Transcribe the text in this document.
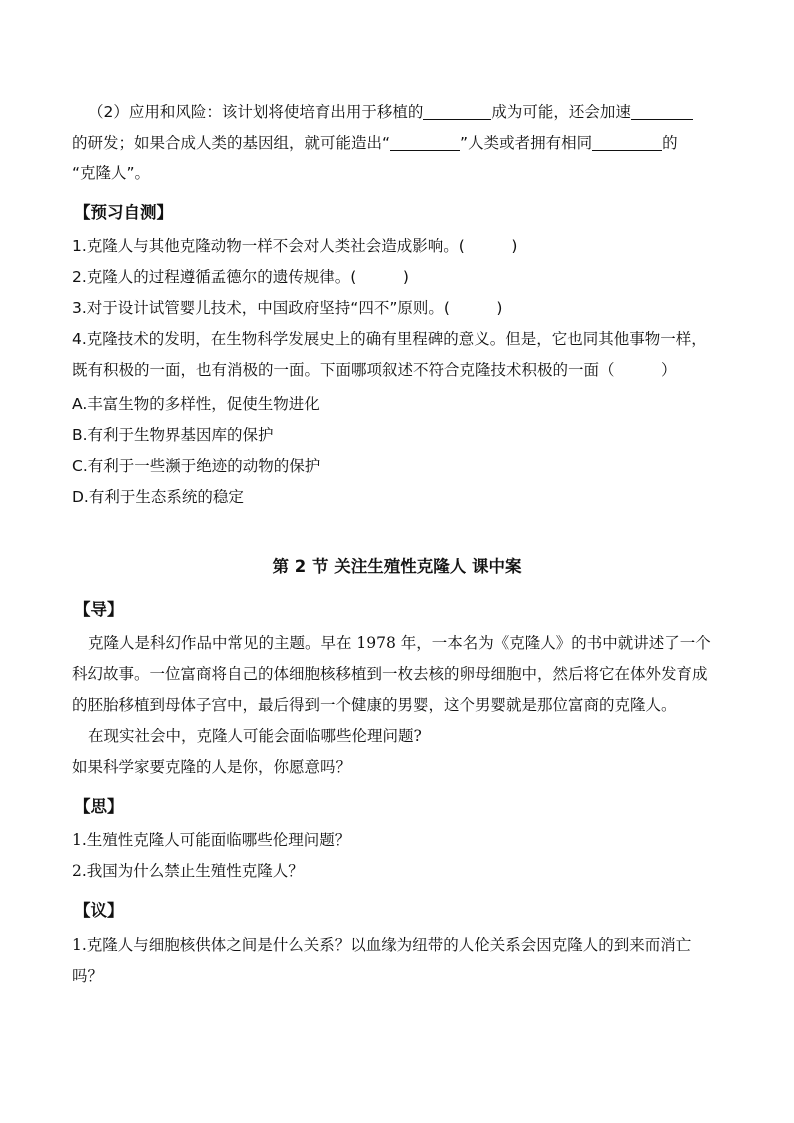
（2）应用和风险：该计划将使培育出用于移植的	成为可能，还会加速
的研发；如果合成人类的基因组，就可能造出“	”人类或者拥有相同	的
“克隆人”。
【预习自测】
1.克隆人与其他克隆动物一样不会对人类社会造成影响。(　　　)
2.克隆人的过程遵循孟德尔的遗传规律。(　　　)
3.对于设计试管婴儿技术，中国政府坚持“四不”原则。(　　　)
4.克隆技术的发明，在生物科学发展史上的确有里程碑的意义。但是，它也同其他事物一样，
既有积极的一面，也有消极的一面。下面哪项叙述不符合克隆技术积极的一面（　　　）
A.丰富生物的多样性，促使生物进化
B.有利于生物界基因库的保护
C.有利于一些濒于绝迹的动物的保护
D.有利于生态系统的稳定
第 2 节 关注生殖性克隆人 课中案
【导】
克隆人是科幻作品中常见的主题。早在 1978 年，一本名为《克隆人》的书中就讲述了一个
科幻故事。一位富商将自己的体细胞核移植到一枚去核的卵母细胞中，然后将它在体外发育成
的胚胎移植到母体子宫中，最后得到一个健康的男婴，这个男婴就是那位富商的克隆人。
在现实社会中，克隆人可能会面临哪些伦理问题?
如果科学家要克隆的人是你，你愿意吗？
【思】
1.生殖性克隆人可能面临哪些伦理问题？
2.我国为什么禁止生殖性克隆人？
【议】
1.克隆人与细胞核供体之间是什么关系？以血缘为纽带的人伦关系会因克隆人的到来而消亡
吗？
